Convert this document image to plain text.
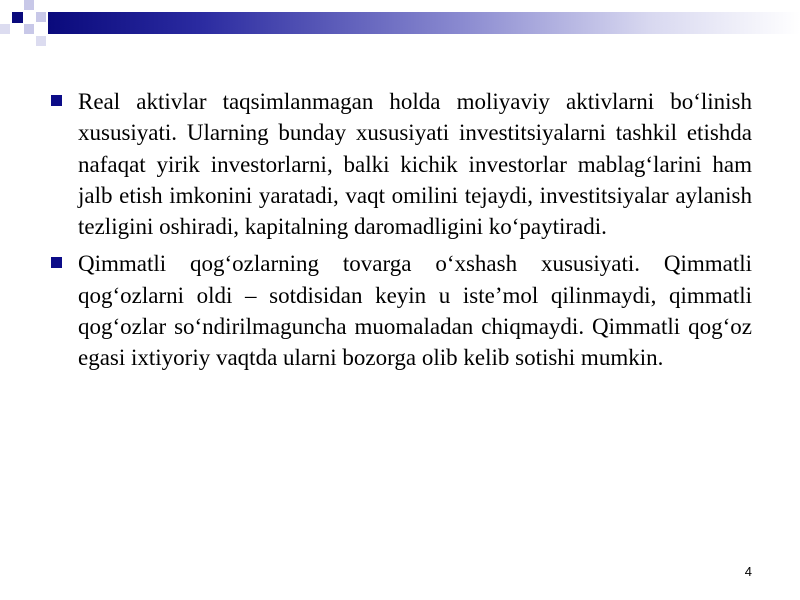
Real aktivlar taqsimlanmagan holda moliyaviy aktivlarni bo‘linish xususiyati. Ularning bunday xususiyati investitsiyalarni tashkil etishda nafaqat yirik investorlarni, balki kichik investorlar mablag‘larini ham jalb etish imkonini yaratadi, vaqt omilini tejaydi, investitsiyalar aylanish tezligini oshiradi, kapitalning daromadligini ko‘paytiradi.

Qimmatli qog‘ozlarning tovarga o‘xshash xususiyati. Qimmatli qog‘ozlarni oldi – sotdisidan keyin u iste’mol qilinmaydi, qimmatli qog‘ozlar so‘ndirilmaguncha muomaladan chiqmaydi. Qimmatli qog‘oz egasi ixtiyoriy vaqtda ularni bozorga olib kelib sotishi mumkin.

4
